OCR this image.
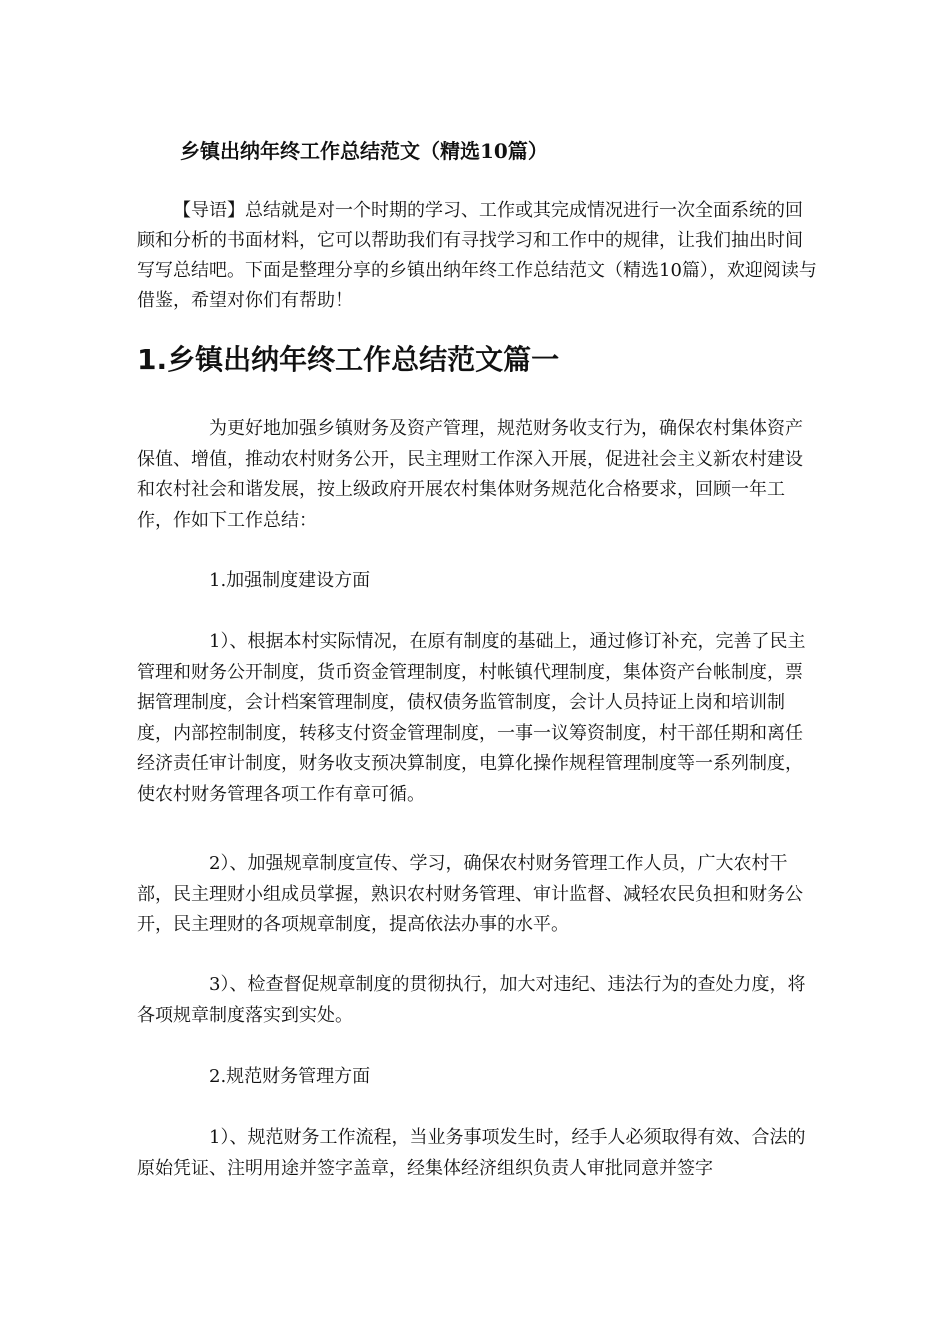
乡镇出纳年终工作总结范文（精选10篇）

【导语】总结就是对一个时期的学习、工作或其完成情况进行一次全面系统的回顾和分析的书面材料，它可以帮助我们有寻找学习和工作中的规律，让我们抽出时间写写总结吧。下面是整理分享的乡镇出纳年终工作总结范文（精选10篇），欢迎阅读与借鉴，希望对你们有帮助！

1.乡镇出纳年终工作总结范文篇一

为更好地加强乡镇财务及资产管理，规范财务收支行为，确保农村集体资产保值、增值，推动农村财务公开，民主理财工作深入开展，促进社会主义新农村建设和农村社会和谐发展，按上级政府开展农村集体财务规范化合格要求，回顾一年工作，作如下工作总结：

1.加强制度建设方面

1）、根据本村实际情况，在原有制度的基础上，通过修订补充，完善了民主管理和财务公开制度，货币资金管理制度，村帐镇代理制度，集体资产台帐制度，票据管理制度，会计档案管理制度，债权债务监管制度，会计人员持证上岗和培训制度，内部控制制度，转移支付资金管理制度，一事一议筹资制度，村干部任期和离任经济责任审计制度，财务收支预决算制度，电算化操作规程管理制度等一系列制度，使农村财务管理各项工作有章可循。

2）、加强规章制度宣传、学习，确保农村财务管理工作人员，广大农村干部，民主理财小组成员掌握，熟识农村财务管理、审计监督、减轻农民负担和财务公开，民主理财的各项规章制度，提高依法办事的水平。

3）、检查督促规章制度的贯彻执行，加大对违纪、违法行为的查处力度，将各项规章制度落实到实处。

2.规范财务管理方面

1）、规范财务工作流程，当业务事项发生时，经手人必须取得有效、合法的原始凭证、注明用途并签字盖章，经集体经济组织负责人审批同意并签字
